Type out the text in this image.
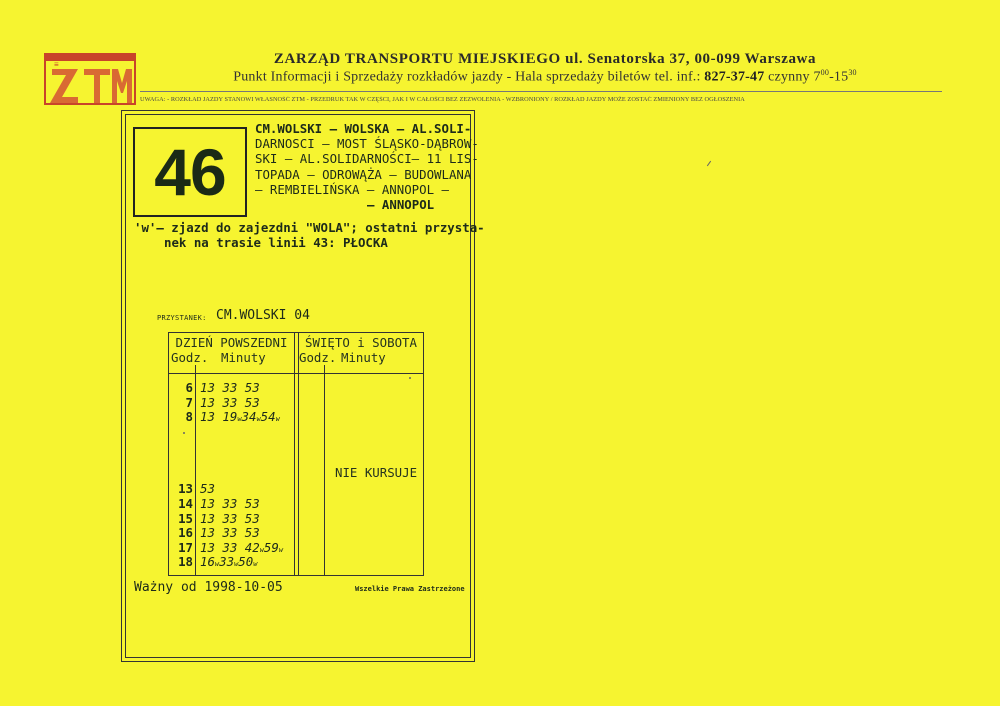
≡	ZARZĄD TRANSPORTU MIEJSKIEGO ul. Senatorska 37, 00-099 Warszawa
Punkt Informacji i Sprzedaży rozkładów jazdy - Hala sprzedaży biletów tel. inf.: 827-37-47 czynny $7^{00}-15^{30}$
UWAGA: - ROZKŁAD JAZDY STANOWI WŁASNOŚĆ ZTM - PRZEDRUK TAK W CZĘŚCI, JAK I W CAŁOŚCI BEZ ZEZWOLENIA - WZBRONIONY / ROZKŁAD JAZDY MOŻE ZOSTAĆ ZMIENIONY BEZ OGŁOSZENIA
46
CM.WOLSKI – WOLSKA – AL.SOLI-
DARNOSCI – MOST ŚLĄSKO-DĄBROW-
SKI – AL.SOLIDARNOŚCI– 11 LIS-
TOPADA – ODROWĄŻA – BUDOWLANA
– REMBIELIŃSKA – ANNOPOL –
– ANNOPOL
'w'– zjazd do zajezdni "WOLA"; ostatni przysta-
nek na trasie linii 43: PŁOCKA
PRZYSTANEK: CM.WOLSKI 04
DZIEŃ POWSZEDNI
Godz. Minuty
ŚWIĘTO i SOBOTA
Godz. Minuty
6 13 33 53
7 13 33 53
8 13 19w34w54w
13 53
14 13 33 53
15 13 33 53
16 13 33 53
17 13 33 42w59w
18 16w33w50w
NIE KURSUJE
Ważny od 1998-10-05	Wszelkie Prawa Zastrzeżone
